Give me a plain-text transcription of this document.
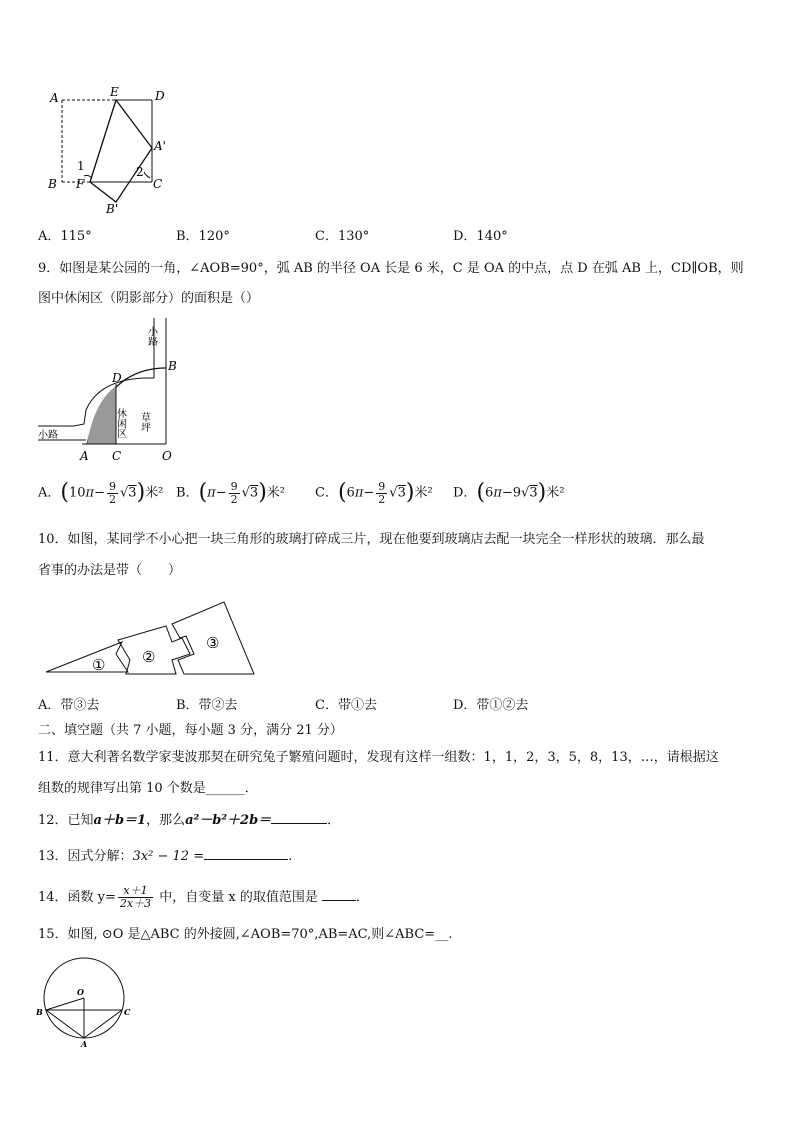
A	E	D
A'
1	2
B F	C
B'
A．115°	B．120°	C．130°	D．140°
9．如图是某公园的一角，∠AOB=90°，弧 AB 的半径 OA 长是 6 米，C 是 OA 的中点，点 D 在弧 AB 上，CD∥OB，则
图中休闲区（阴影部分）的面积是（）
小路
小路	休闲区 草坪
B
D
A C	O
A．$(10\pi- \frac{9}{2} √3)$米² B．$(\pi- \frac{9}{2} √3)$米² C．$(6\pi- \frac{9}{2} √3)$米² D．(6π−9√3)米²
10．如图，某同学不小心把一块三角形的玻璃打碎成三片，现在他要到玻璃店去配一块完全一样形状的玻璃．那么最
省事的办法是带（　　）
① ②
③
A．带③去	B．带②去	C．带①去	D．带①②去
二、填空题（共 7 小题，每小题 3 分，满分 21 分）
11．意大利著名数学家斐波那契在研究兔子繁殖问题时，发现有这样一组数：1，1，2，3，5，8，13，…，请根据这
组数的规律写出第 10 个数是______．
12．已知a＋b＝1，那么a²－b²＋2b＝	．
13．因式分解：3x² − 12 =	.
14．函数 $y= \frac{x+1}{2x+3}$ 中，自变量 x 的取值范围是	．
15．如图, ⊙O 是△ABC 的外接圆,∠AOB=70°,AB=AC,则∠ABC=__.
O
B	C
A
